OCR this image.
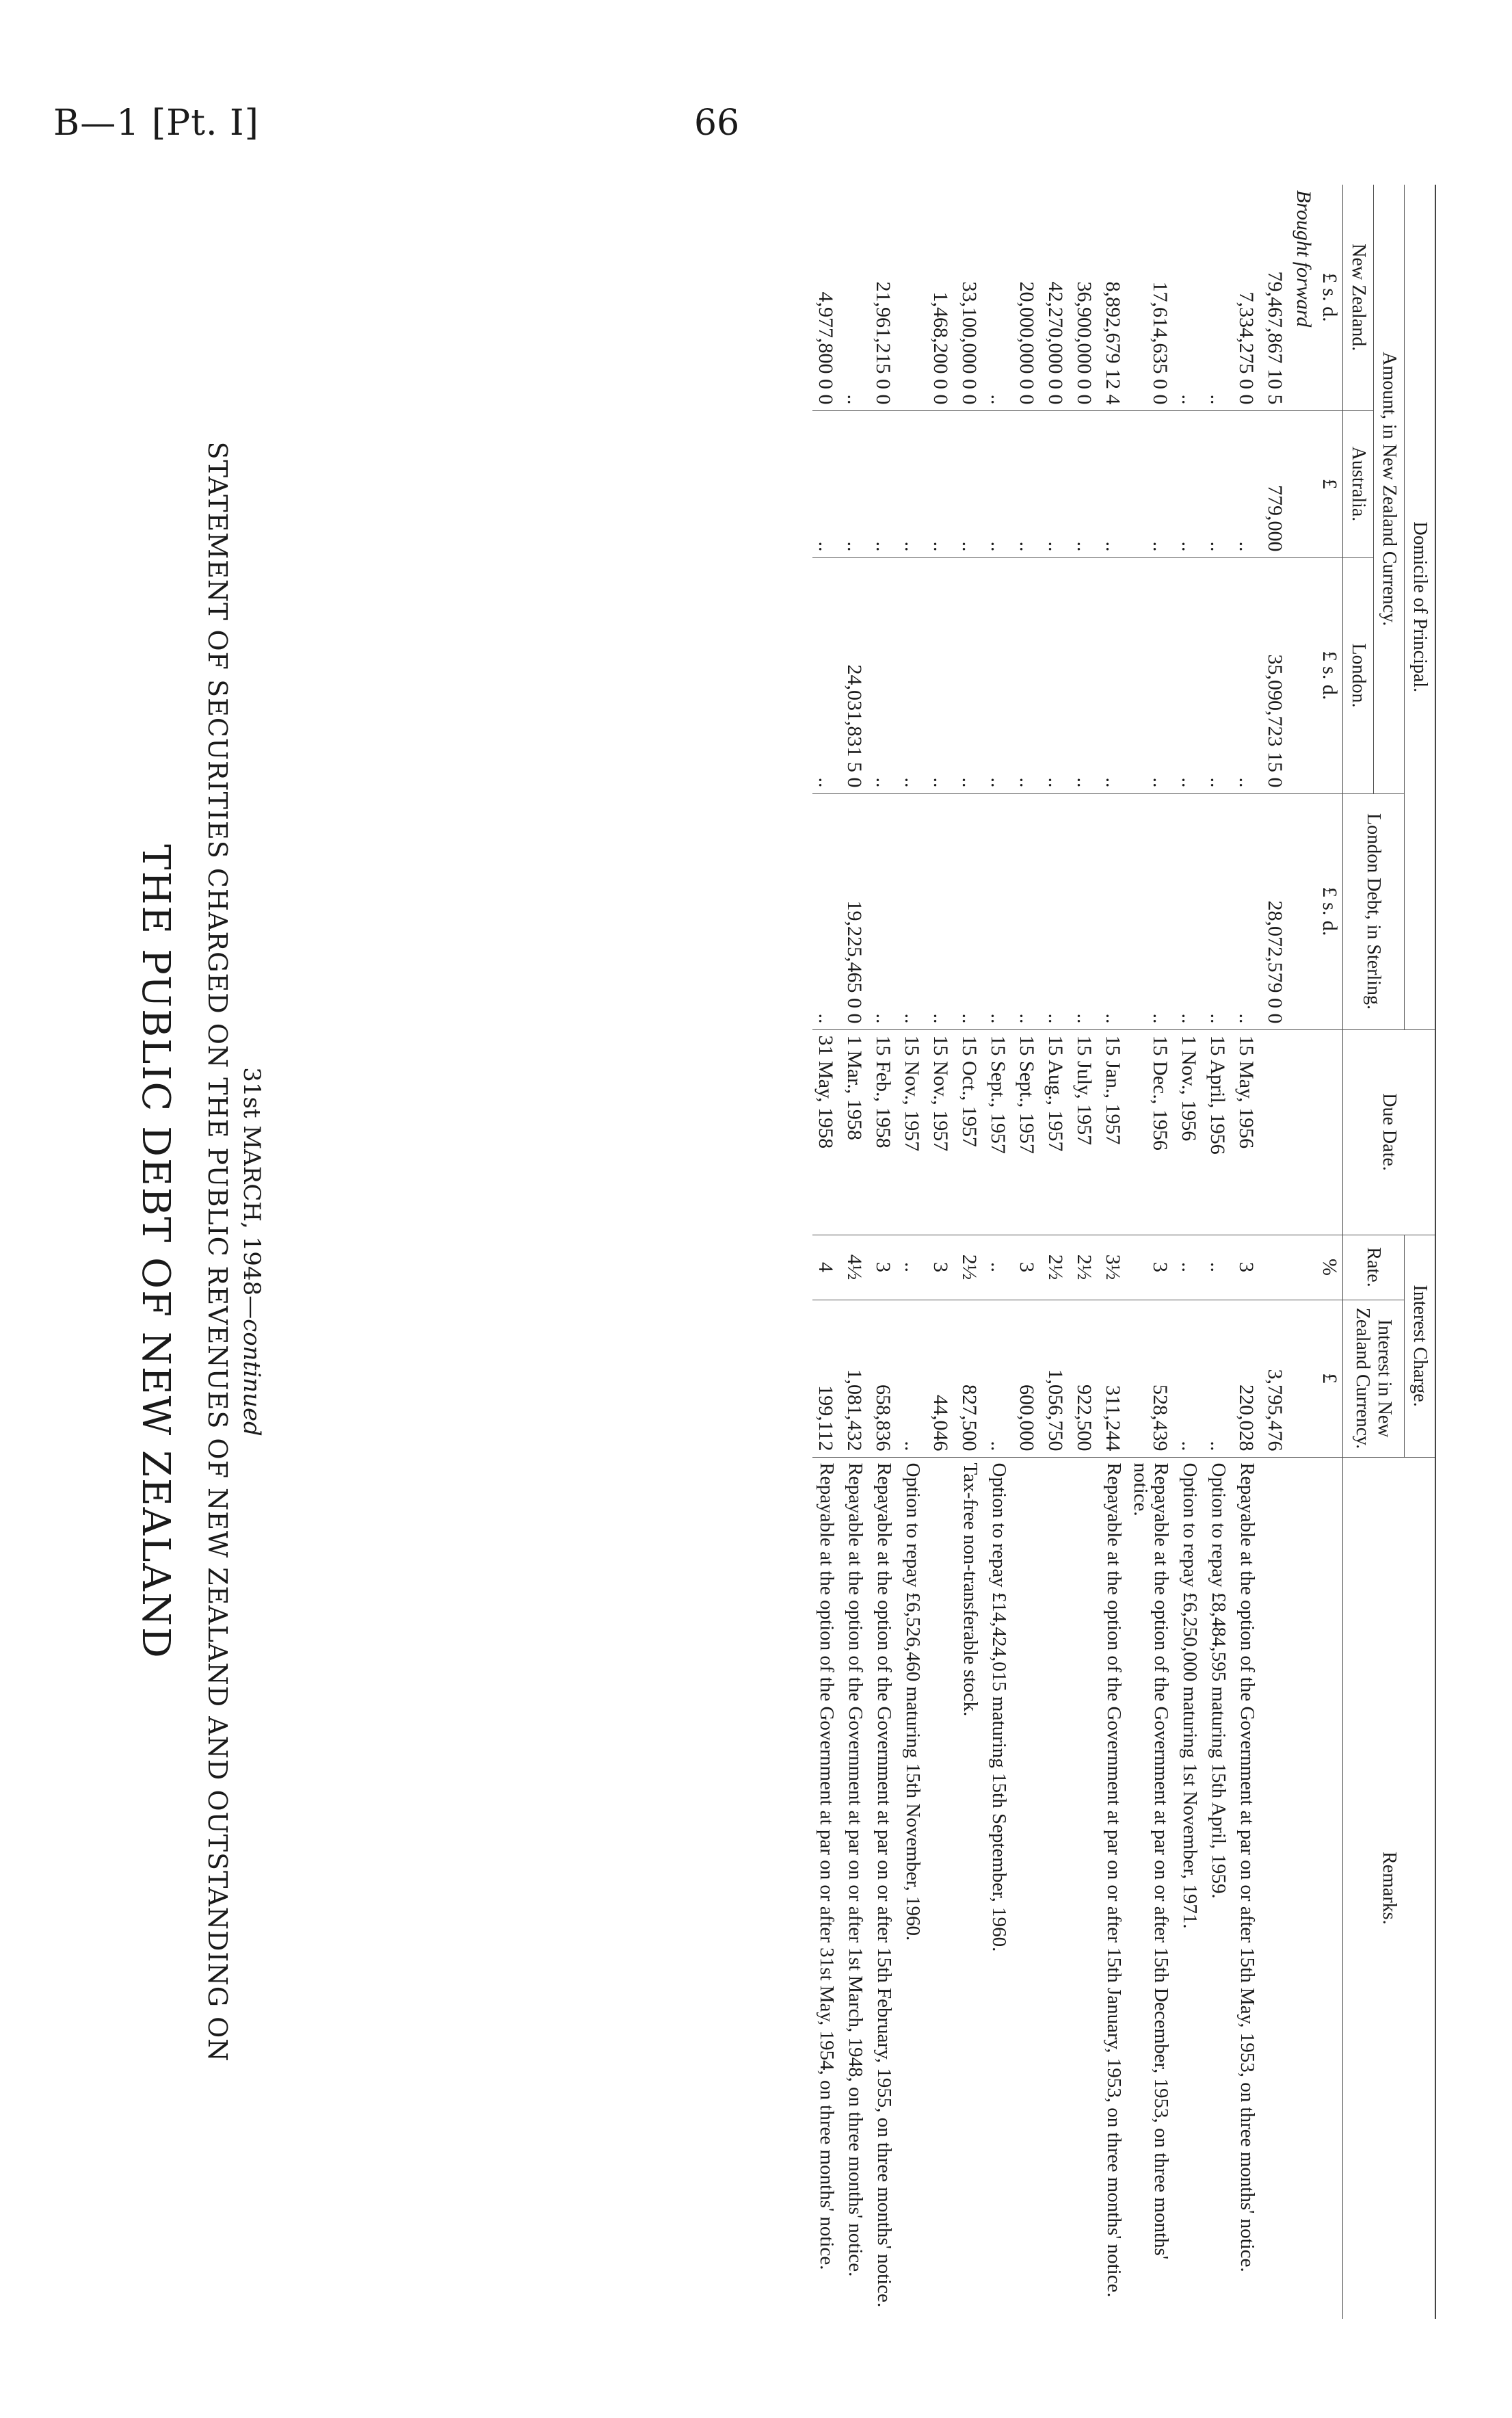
B—1 [Pt. I]	66
THE PUBLIC DEBT OF NEW ZEALAND STATEMENT OF SECURITIES CHARGED ON THE PUBLIC REVENUES OF NEW ZEALAND AND OUTSTANDING ON 31st MARCH, 1948—continued
Domicile of Principal.				Due Date.	Interest Charge.		Remarks.
Amount, in New Zealand Currency.			London Debt, in Sterling.		Rate.	Interest in New Zealand Currency.	
New Zealand.	Australia.	London.					
£ s. d.	£	£ s. d.	£ s. d.		%	£	
Brought forward							
79,467,867 10 5	779,000	35,090,723 15 0	28,072,579 0 0			3,795,476	
7,334,275 0 0	..	..	..	15 May, 1956	3	220,028	Repayable at the option of the Government at par on or after 15th May, 1953, on three months' notice.
..	..	..	..	15 April, 1956	..	..	Option to repay £8,484,595 maturing 15th April, 1959.
..	..	..	..	1 Nov., 1956	..	..	Option to repay £6,250,000 maturing 1st November, 1971.
17,614,635 0 0	..	..	..	15 Dec., 1956	3	528,439	Repayable at the option of the Government at par on or after 15th December, 1953, on three months' notice.
8,892,679 12 4	..	..	..	15 Jan., 1957	3½	311,244	Repayable at the option of the Government at par on or after 15th January, 1953, on three months' notice.
36,900,000 0 0	..	..	..	15 July, 1957	2½	922,500	
42,270,000 0 0	..	..	..	15 Aug., 1957	2½	1,056,750	
20,000,000 0 0	..	..	..	15 Sept., 1957	3	600,000	
..	..	..	..	15 Sept., 1957	..	..	Option to repay £14,424,015 maturing 15th September, 1960.
33,100,000 0 0	..	..	..	15 Oct., 1957	2½	827,500	Tax-free non-transferable stock.
1,468,200 0 0	..	..	..	15 Nov., 1957	3	44,046	
	..	..	..	15 Nov., 1957	..	..	Option to repay £6,526,460 maturing 15th November, 1960.
21,961,215 0 0	..	..	..	15 Feb., 1958	3	658,836	Repayable at the option of the Government at par on or after 15th February, 1955, on three months' notice.
..	..	24,031,831 5 0	19,225,465 0 0	1 Mar., 1958	4½	1,081,432	Repayable at the option of the Government at par on or after 1st March, 1948, on three months' notice.
4,977,800 0 0	..	..	..	31 May, 1958	4	199,112	Repayable at the option of the Government at par on or after 31st May, 1954, on three months' notice.
